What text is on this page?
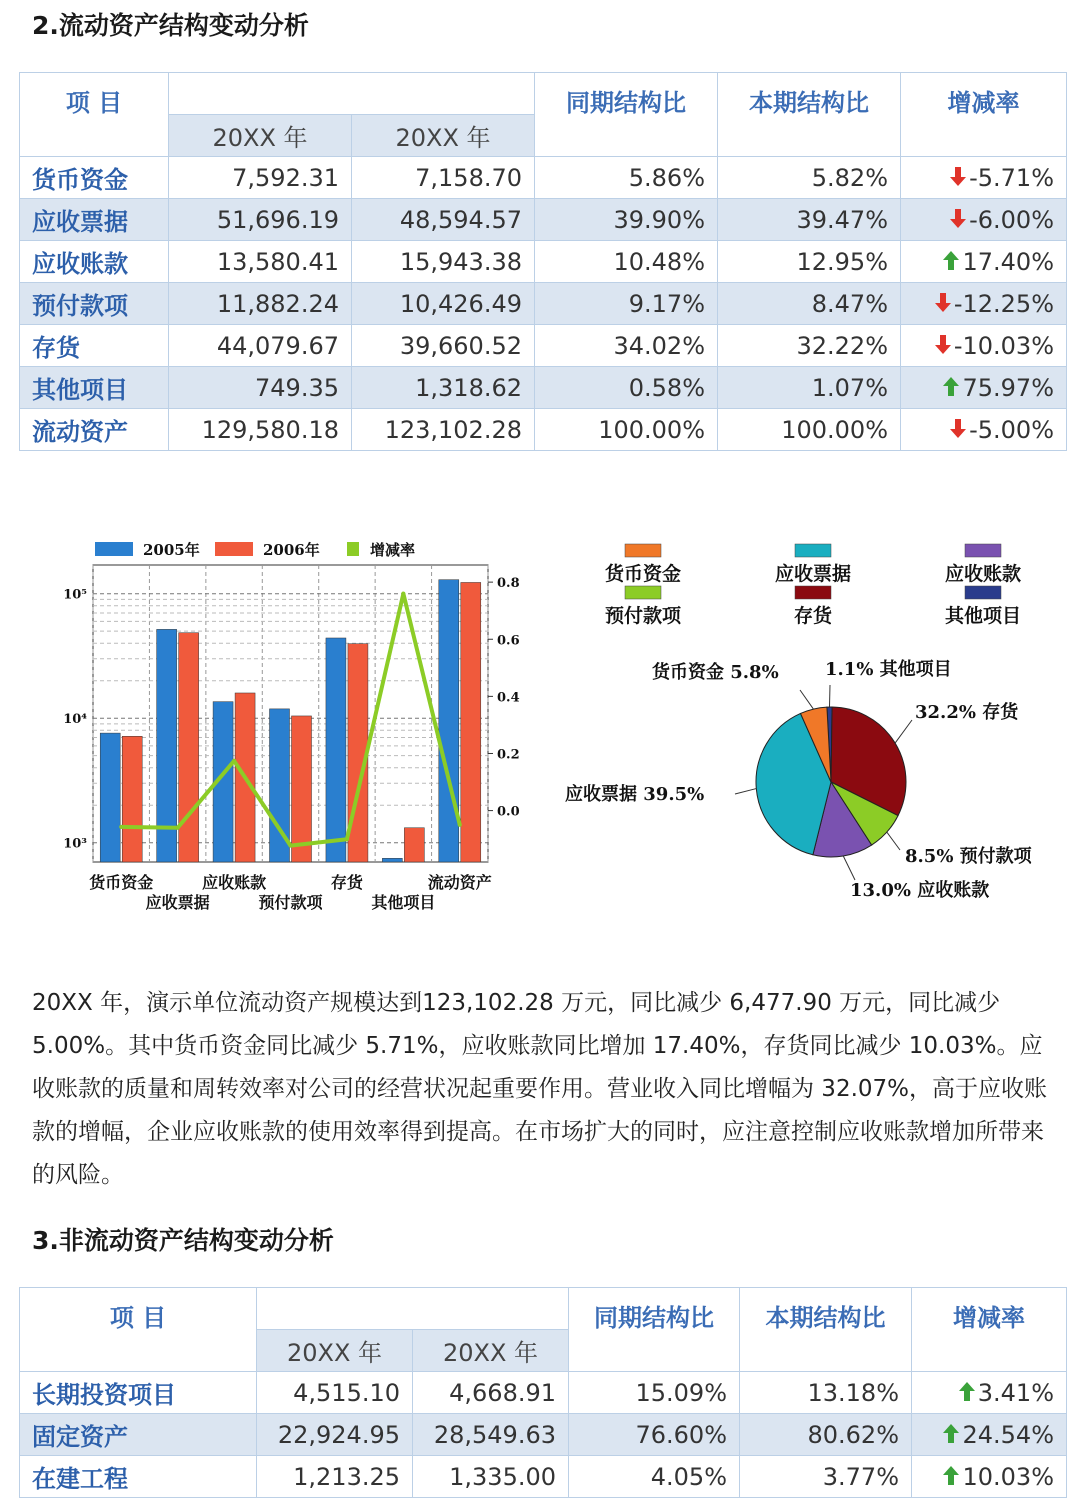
2.流动资产结构变动分析
项 目			同期结构比	本期结构比	增减率
	20XX 年	20XX 年			
货币资金	7,592.31	7,158.70	5.86%	5.82%	-5.71%
应收票据	51,696.19	48,594.57	39.90%	39.47%	-6.00%
应收账款	13,580.41	15,943.38	10.48%	12.95%	17.40%
预付款项	11,882.24	10,426.49	9.17%	8.47%	-12.25%
存货	44,079.67	39,660.52	34.02%	32.22%	-10.03%
其他项目	749.35	1,318.62	0.58%	1.07%	75.97%
流动资产	129,580.18	123,102.28	100.00%	100.00%	-5.00%
10³
10⁴
10⁵
0.0
0.2
0.4
0.6
0.8
货币资金
应收票据
应收账款
预付款项
存货
其他项目
流动资产
2005年	2006年	增减率
货币资金	应收票据	应收账款
预付款项	存货	其他项目
货币资金 5.8%	1.1% 其他项目
32.2% 存货
应收票据 39.5%
8.5% 预付款项
13.0% 应收账款

20XX 年，演示单位流动资产规模达到123,102.28 万元，同比减少 6,477.90 万元，同比减少 5.00%。其中货币资金同比减少 5.71%，应收账款同比增加 17.40%，存货同比减少 10.03%。应收账款的质量和周转效率对公司的经营状况起重要作用。营业收入同比增幅为 32.07%，高于应收账款的增幅，企业应收账款的使用效率得到提高。在市场扩大的同时，应注意控制应收账款增加所带来的风险。

3.非流动资产结构变动分析
项 目			同期结构比	本期结构比	增减率
	20XX 年	20XX 年			
长期投资项目	4,515.10	4,668.91	15.09%	13.18%	3.41%
固定资产	22,924.95	28,549.63	76.60%	80.62%	24.54%
在建工程	1,213.25	1,335.00	4.05%	3.77%	10.03%
